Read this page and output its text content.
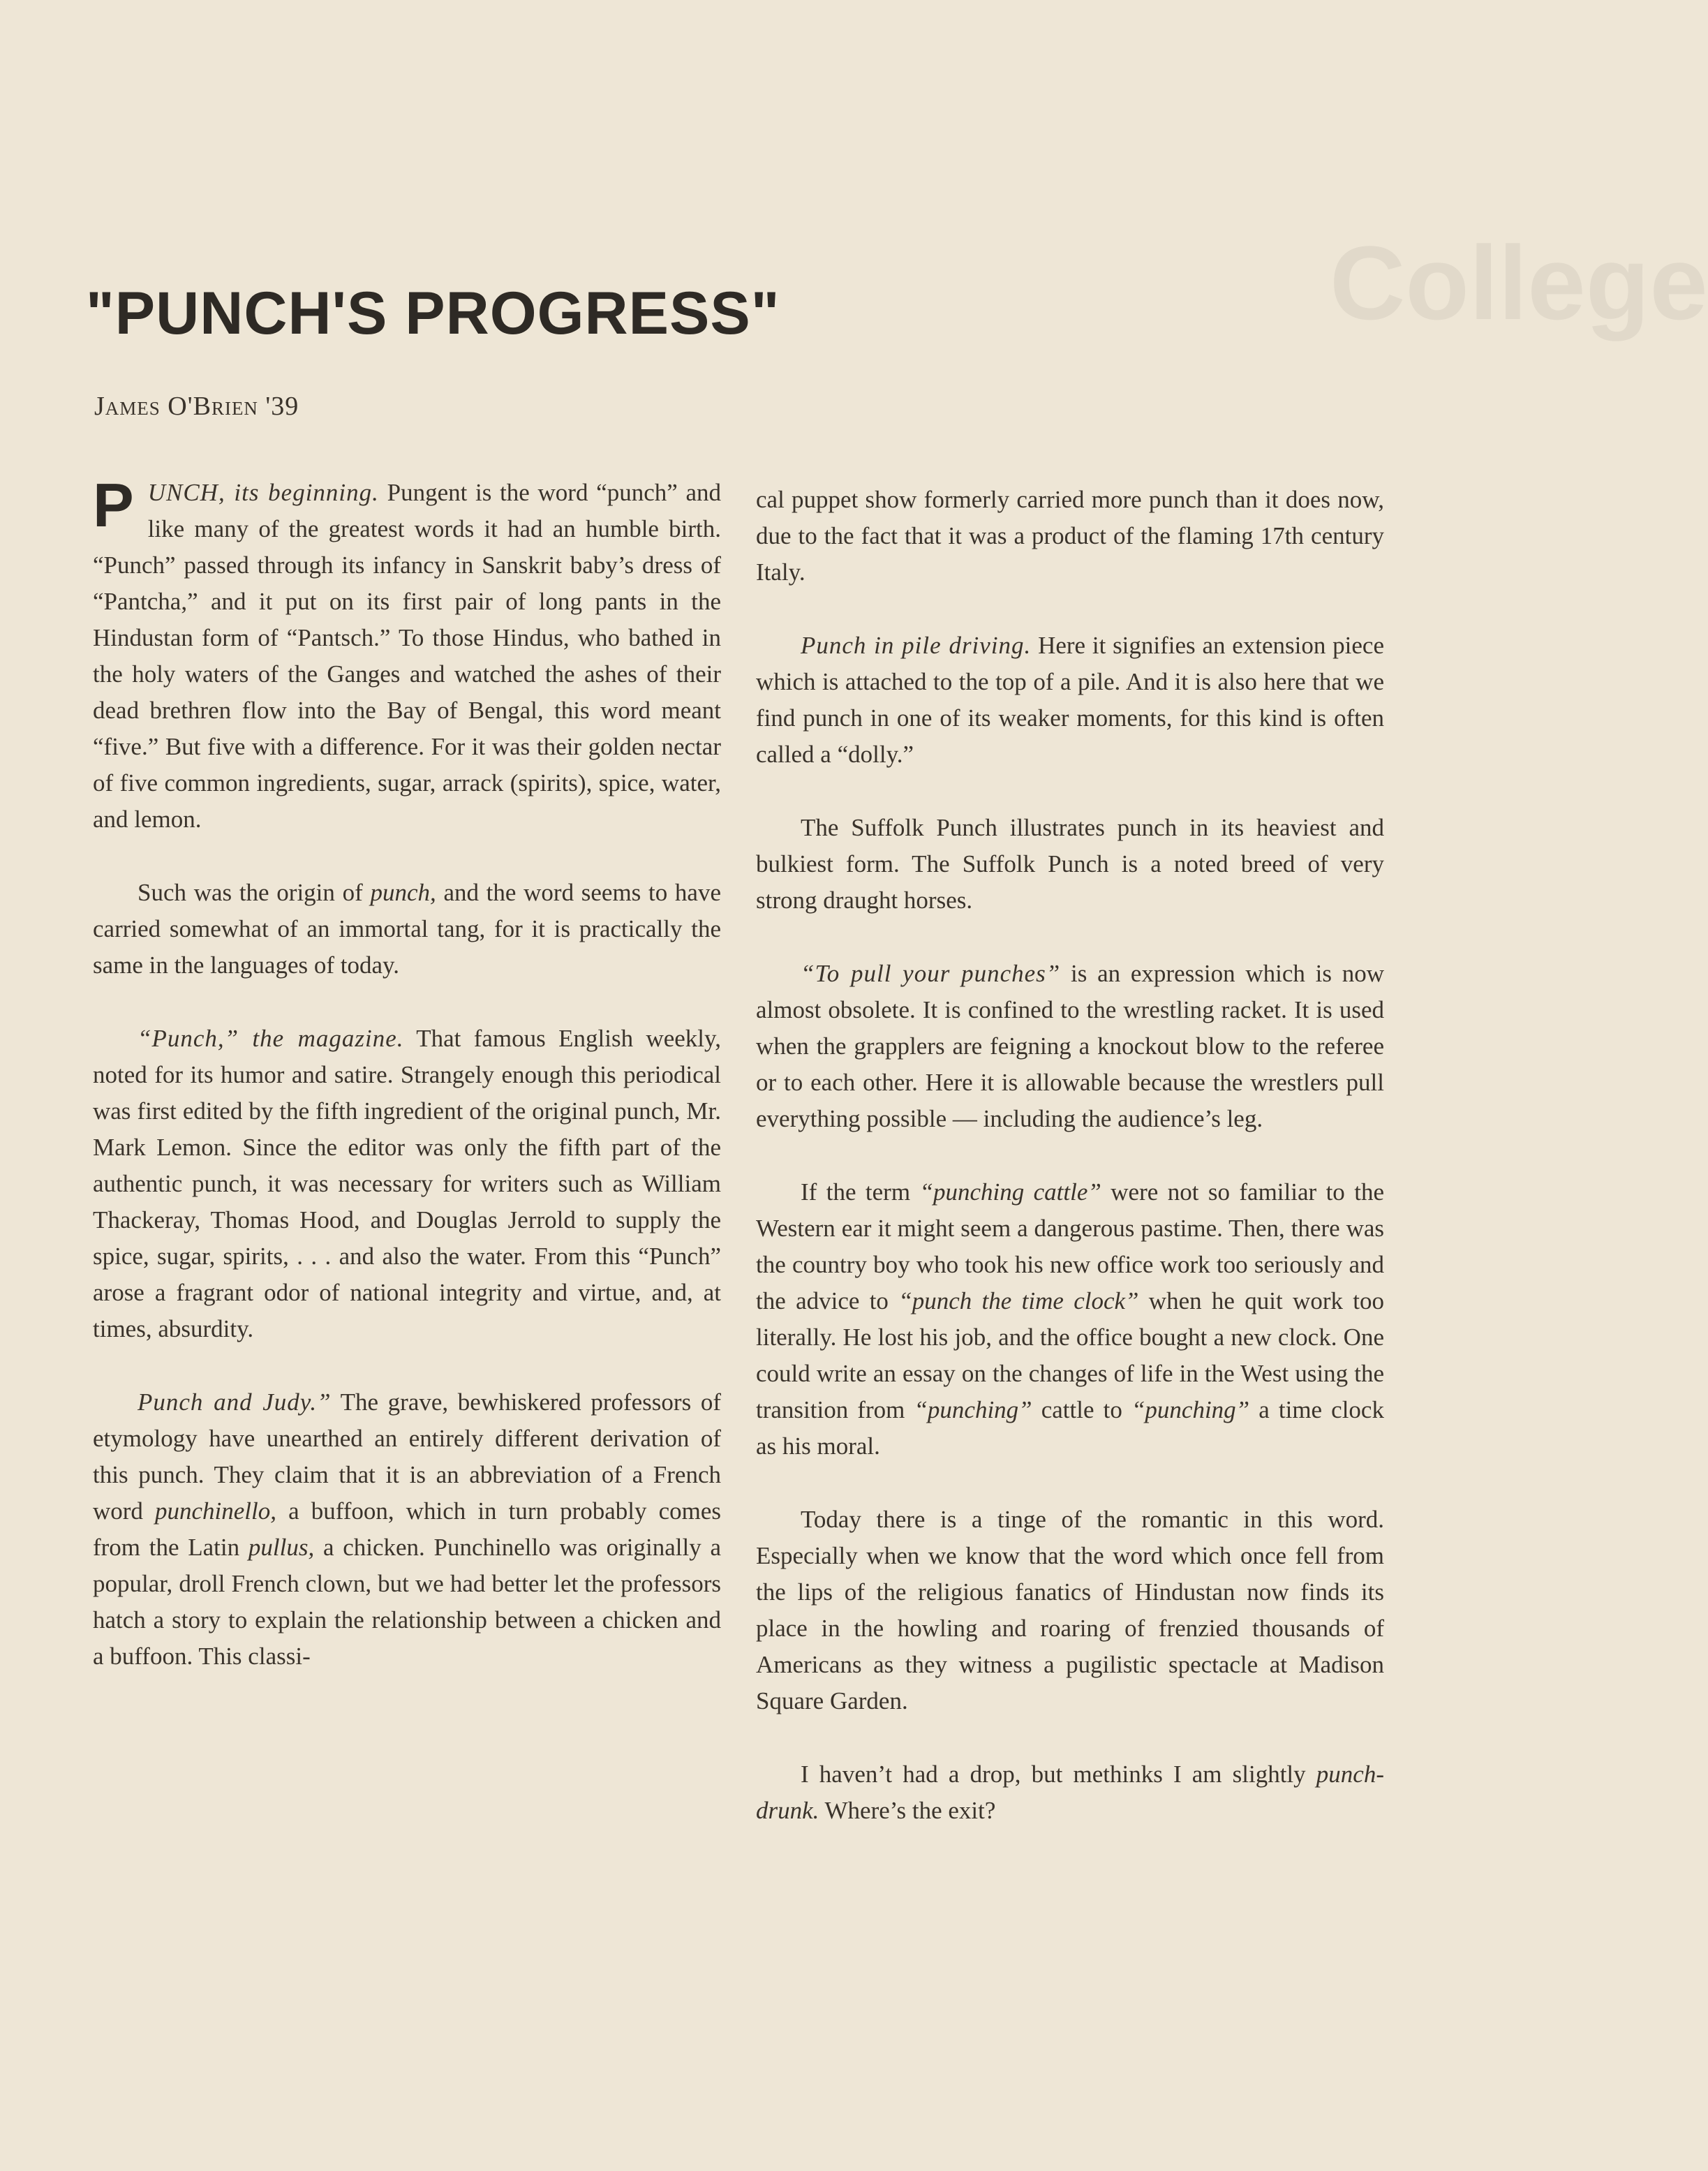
College
"PUNCH'S PROGRESS"
James O'Brien '39

PUNCH, its beginning. Pungent is the word “punch” and like many of the greatest words it had an humble birth. “Punch” passed through its infancy in Sanskrit baby’s dress of “Pantcha,” and it put on its first pair of long pants in the Hindustan form of “Pantsch.” To those Hindus, who bathed in the holy waters of the Ganges and watched the ashes of their dead brethren flow into the Bay of Bengal, this word meant “five.” But five with a difference. For it was their golden nectar of five common ingredients, sugar, arrack (spirits), spice, water, and lemon.

Such was the origin of punch, and the word seems to have carried somewhat of an immortal tang, for it is practically the same in the languages of today.

“Punch,” the magazine. That famous English weekly, noted for its humor and satire. Strangely enough this periodical was first edited by the fifth ingredient of the original punch, Mr. Mark Lemon. Since the editor was only the fifth part of the authentic punch, it was necessary for writers such as William Thackeray, Thomas Hood, and Douglas Jerrold to supply the spice, sugar, spirits, . . . and also the water. From this “Punch” arose a fragrant odor of national integrity and virtue, and, at times, absurdity.

Punch and Judy.” The grave, bewhiskered professors of etymology have unearthed an entirely different derivation of this punch. They claim that it is an abbreviation of a French word punchinello, a buffoon, which in turn probably comes from the Latin pullus, a chicken. Punchinello was originally a popular, droll French clown, but we had better let the professors hatch a story to explain the relationship between a chicken and a buffoon. This classi-

cal puppet show formerly carried more punch than it does now, due to the fact that it was a product of the flaming 17th century Italy.

Punch in pile driving. Here it signifies an extension piece which is attached to the top of a pile. And it is also here that we find punch in one of its weaker moments, for this kind is often called a “dolly.”

The Suffolk Punch illustrates punch in its heaviest and bulkiest form. The Suffolk Punch is a noted breed of very strong draught horses.

“To pull your punches” is an expression which is now almost obsolete. It is confined to the wrestling racket. It is used when the grapplers are feigning a knockout blow to the referee or to each other. Here it is allowable because the wrestlers pull everything possible — including the audience’s leg.

If the term “punching cattle” were not so familiar to the Western ear it might seem a dangerous pastime. Then, there was the country boy who took his new office work too seriously and the advice to “punch the time clock” when he quit work too literally. He lost his job, and the office bought a new clock. One could write an essay on the changes of life in the West using the transition from “punching” cattle to “punching” a time clock as his moral.

Today there is a tinge of the romantic in this word. Especially when we know that the word which once fell from the lips of the religious fanatics of Hindustan now finds its place in the howling and roaring of frenzied thousands of Americans as they witness a pugilistic spectacle at Madison Square Garden.

I haven’t had a drop, but methinks I am slightly punch-drunk. Where’s the exit?
